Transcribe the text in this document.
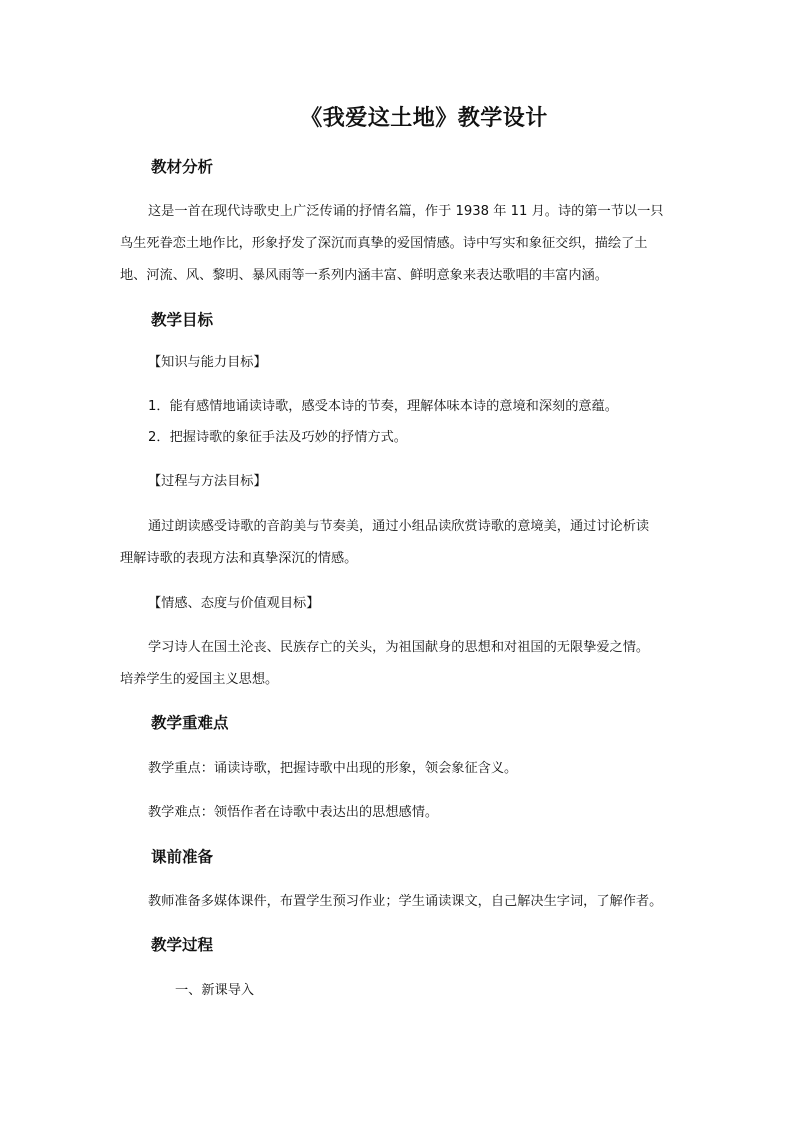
《我爱这土地》教学设计
教材分析
这是一首在现代诗歌史上广泛传诵的抒情名篇，作于 1938 年 11 月。诗的第一节以一只
鸟生死眷恋土地作比，形象抒发了深沉而真挚的爱国情感。诗中写实和象征交织，描绘了土
地、河流、风、黎明、暴风雨等一系列内涵丰富、鲜明意象来表达歌唱的丰富内涵。
教学目标
【知识与能力目标】
1．能有感情地诵读诗歌，感受本诗的节奏，理解体味本诗的意境和深刻的意蕴。
2．把握诗歌的象征手法及巧妙的抒情方式。
【过程与方法目标】
通过朗读感受诗歌的音韵美与节奏美，通过小组品读欣赏诗歌的意境美，通过讨论析读
理解诗歌的表现方法和真挚深沉的情感。
【情感、态度与价值观目标】
学习诗人在国土沦丧、民族存亡的关头，为祖国献身的思想和对祖国的无限挚爱之情。
培养学生的爱国主义思想。
教学重难点
教学重点：诵读诗歌，把握诗歌中出现的形象，领会象征含义。
教学难点：领悟作者在诗歌中表达出的思想感情。
课前准备
教师准备多媒体课件，布置学生预习作业；学生诵读课文，自己解决生字词，了解作者。
教学过程
一、新课导入
